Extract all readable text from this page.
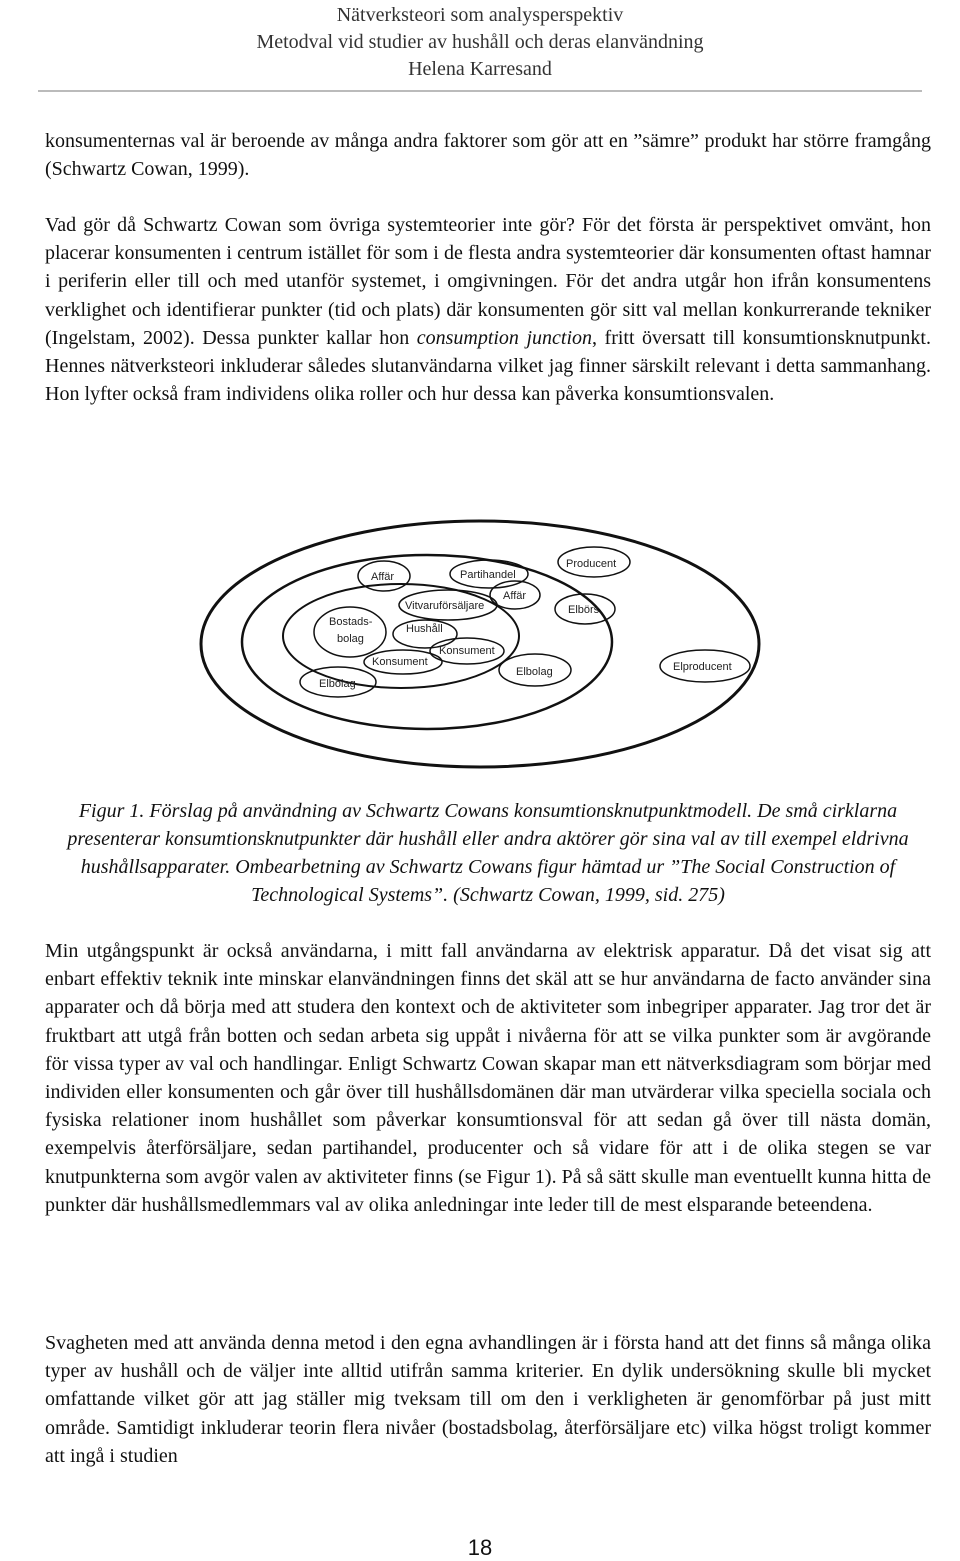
Nätverksteori som analysperspektiv
Metodval vid studier av hushåll och deras elanvändning
Helena Karresand

konsumenternas val är beroende av många andra faktorer som gör att en ”sämre” produkt har större framgång (Schwartz Cowan, 1999).

Vad gör då Schwartz Cowan som övriga systemteorier inte gör? För det första är perspektivet omvänt, hon placerar konsumenten i centrum istället för som i de flesta andra systemteorier där konsumenten oftast hamnar i periferin eller till och med utanför systemet, i omgivningen. För det andra utgår hon ifrån konsumentens verklighet och identifierar punkter (tid och plats) där konsumenten gör sitt val mellan konkurrerande tekniker (Ingelstam, 2002). Dessa punkter kallar hon consumption junction, fritt översatt till konsumtionsknutpunkt. Hennes nätverksteori inkluderar således slutanvändarna vilket jag finner särskilt relevant i detta sammanhang. Hon lyfter också fram individens olika roller och hur dessa kan påverka konsumtionsvalen.

Producent
Affär	Partihandel
Affär
Vitvaruförsäljare	Elbörs
Bostads-
bolag
Hushåll
Konsument
Konsument
Elbolag	Elproducent
Elbolag

Figur 1. Förslag på användning av Schwartz Cowans konsumtionsknutpunktmodell. De små cirklarna presenterar konsumtionsknutpunkter där hushåll eller andra aktörer gör sina val av till exempel eldrivna hushållsapparater. Ombearbetning av Schwartz Cowans figur hämtad ur ”The Social Construction of Technological Systems”. (Schwartz Cowan, 1999, sid. 275)

Min utgångspunkt är också användarna, i mitt fall användarna av elektrisk apparatur. Då det visat sig att enbart effektiv teknik inte minskar elanvändningen finns det skäl att se hur användarna de facto använder sina apparater och då börja med att studera den kontext och de aktiviteter som inbegriper apparater. Jag tror det är fruktbart att utgå från botten och sedan arbeta sig uppåt i nivåerna för att se vilka punkter som är avgörande för vissa typer av val och handlingar. Enligt Schwartz Cowan skapar man ett nätverksdiagram som börjar med individen eller konsumenten och går över till hushållsdomänen där man utvärderar vilka speciella sociala och fysiska relationer inom hushållet som påverkar konsumtionsval för att sedan gå över till nästa domän, exempelvis återförsäljare, sedan partihandel, producenter och så vidare för att i de olika stegen se var knutpunkterna som avgör valen av aktiviteter finns (se Figur 1). På så sätt skulle man eventuellt kunna hitta de punkter där hushållsmedlemmars val av olika anledningar inte leder till de mest elsparande beteendena.

Svagheten med att använda denna metod i den egna avhandlingen är i första hand att det finns så många olika typer av hushåll och de väljer inte alltid utifrån samma kriterier. En dylik undersökning skulle bli mycket omfattande vilket gör att jag ställer mig tveksam till om den i verkligheten är genomförbar på just mitt område. Samtidigt inkluderar teorin flera nivåer (bostadsbolag, återförsäljare etc) vilka högst troligt kommer att ingå i studien

18
